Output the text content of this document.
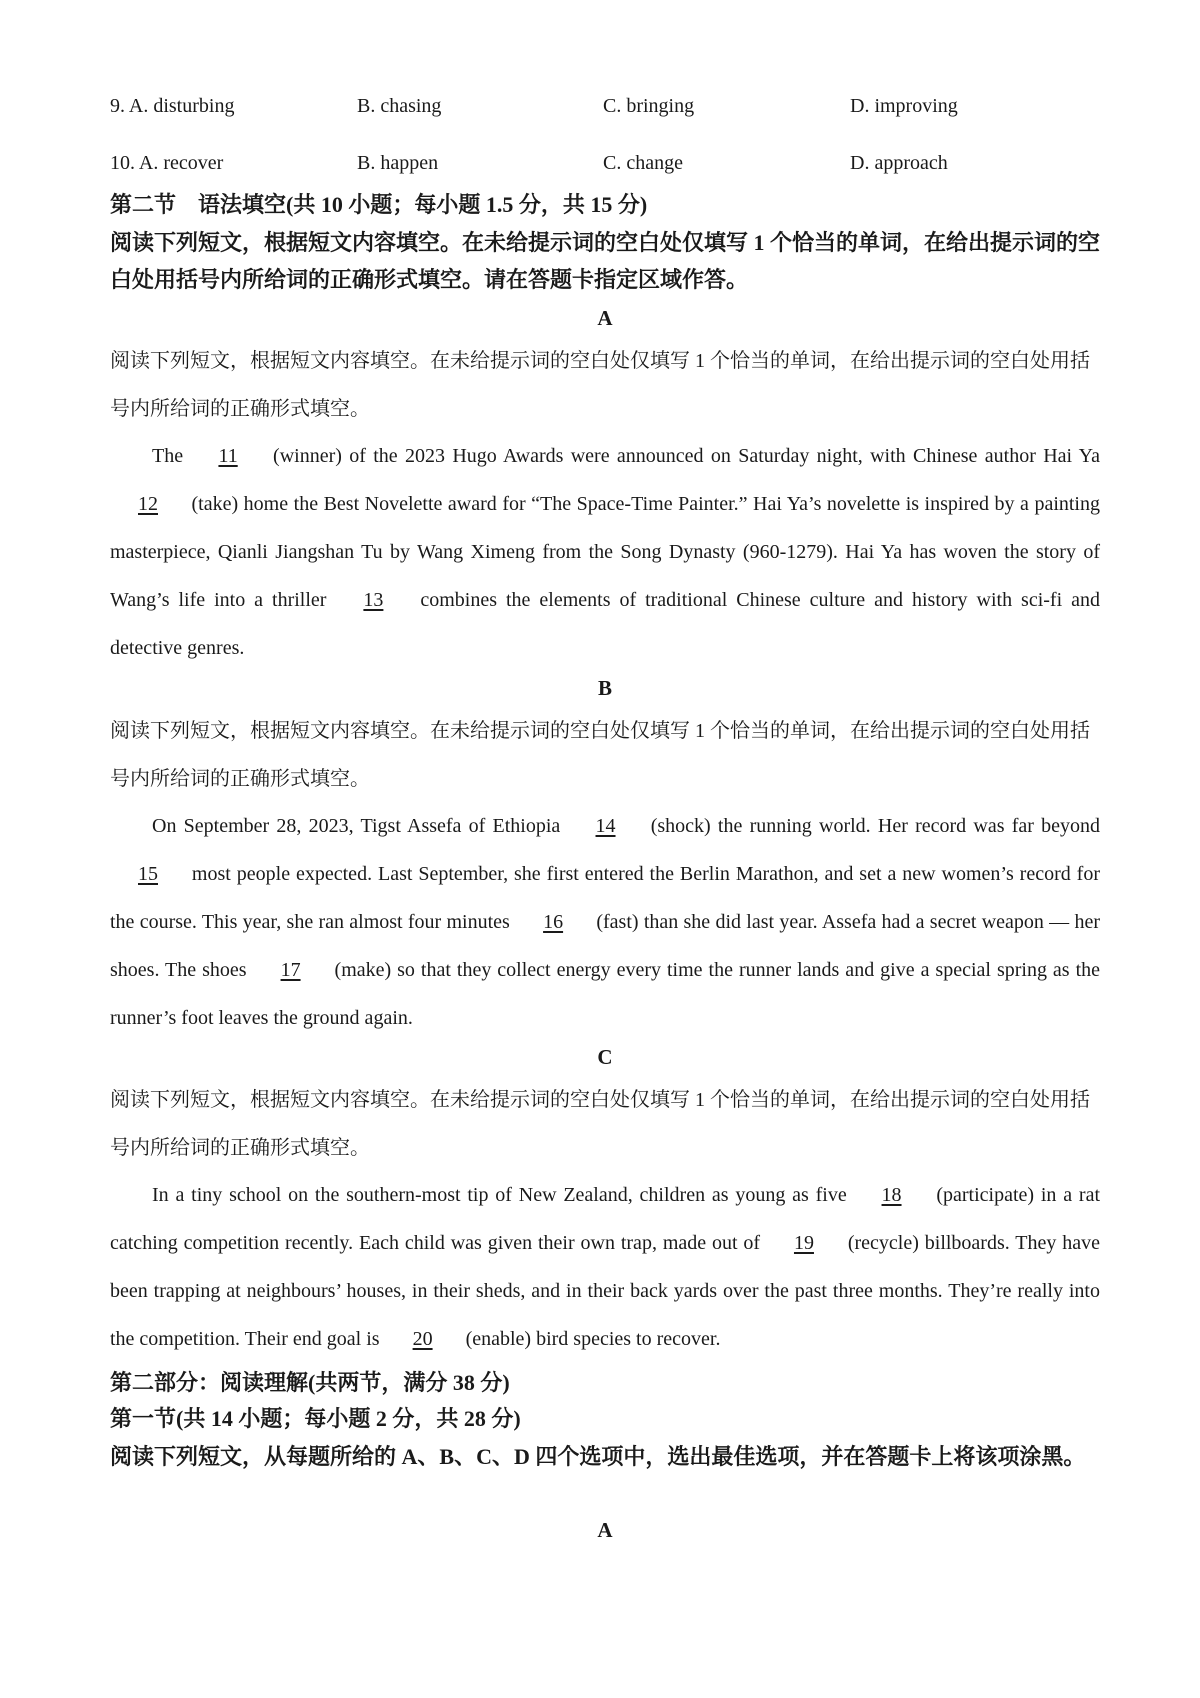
9. A. disturbing	B. chasing	C. bringing	D. improving
10. A. recover	B. happen	C. change	D. approach
第二节　语法填空(共 10 小题；每小题 1.5 分，共 15 分)
阅读下列短文，根据短文内容填空。在未给提示词的空白处仅填写 1 个恰当的单词，在给出提示词的空白处用括号内所给词的正确形式填空。请在答题卡指定区域作答。
A
阅读下列短文，根据短文内容填空。在未给提示词的空白处仅填写 1 个恰当的单词，在给出提示词的空白处用括号内所给词的正确形式填空。
The 11 (winner) of the 2023 Hugo Awards were announced on Saturday night, with Chinese author Hai Ya 12 (take) home the Best Novelette award for “The Space-Time Painter.” Hai Ya’s novelette is inspired by a painting masterpiece, Qianli Jiangshan Tu by Wang Ximeng from the Song Dynasty (960-1279). Hai Ya has woven the story of Wang’s life into a thriller 13 combines the elements of traditional Chinese culture and history with sci-fi and detective genres.
B
阅读下列短文，根据短文内容填空。在未给提示词的空白处仅填写 1 个恰当的单词，在给出提示词的空白处用括号内所给词的正确形式填空。
On September 28, 2023, Tigst Assefa of Ethiopia 14 (shock) the running world. Her record was far beyond 15 most people expected. Last September, she first entered the Berlin Marathon, and set a new women’s record for the course. This year, she ran almost four minutes 16 (fast) than she did last year. Assefa had a secret weapon — her shoes. The shoes 17 (make) so that they collect energy every time the runner lands and give a special spring as the runner’s foot leaves the ground again.
C
阅读下列短文，根据短文内容填空。在未给提示词的空白处仅填写 1 个恰当的单词，在给出提示词的空白处用括号内所给词的正确形式填空。
In a tiny school on the southern-most tip of New Zealand, children as young as five 18 (participate) in a rat catching competition recently. Each child was given their own trap, made out of 19 (recycle) billboards. They have been trapping at neighbours’ houses, in their sheds, and in their back yards over the past three months. They’re really into the competition. Their end goal is 20 (enable) bird species to recover.
第二部分：阅读理解(共两节，满分 38 分)
第一节(共 14 小题；每小题 2 分，共 28 分)
阅读下列短文，从每题所给的 A、B、C、D 四个选项中，选出最佳选项，并在答题卡上将该项涂黑。
A
